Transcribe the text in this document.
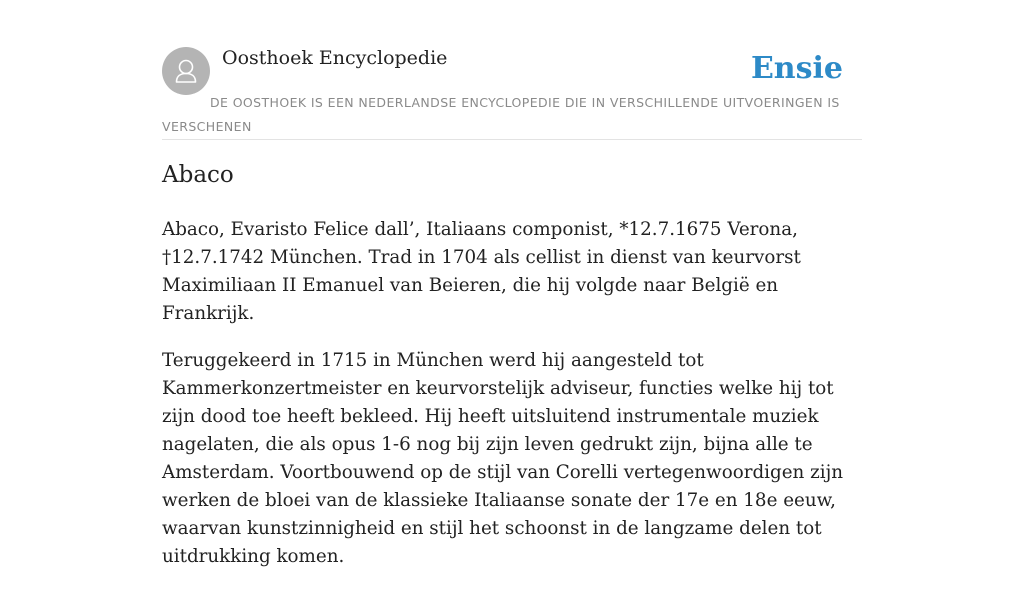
Oosthoek Encyclopedie	Ensie
DE OOSTHOEK IS EEN NEDERLANDSE ENCYCLOPEDIE DIE IN VERSCHILLENDE UITVOERINGEN IS VERSCHENEN
Abaco

Abaco, Evaristo Felice dall’, Italiaans componist, *12.7.1675 Verona, †12.7.1742 München. Trad in 1704 als cellist in dienst van keurvorst Maximiliaan II Emanuel van Beieren, die hij volgde naar België en Frankrijk.

Teruggekeerd in 1715 in München werd hij aangesteld tot Kammerkonzertmeister en keurvorstelijk adviseur, functies welke hij tot zijn dood toe heeft bekleed. Hij heeft uitsluitend instrumentale muziek nagelaten, die als opus 1-6 nog bij zijn leven gedrukt zijn, bijna alle te Amsterdam. Voortbouwend op de stijl van Corelli vertegenwoordigen zijn werken de bloei van de klassieke Italiaanse sonate der 17e en 18e eeuw, waarvan kunstzinnigheid en stijl het schoonst in de langzame delen tot uitdrukking komen.
